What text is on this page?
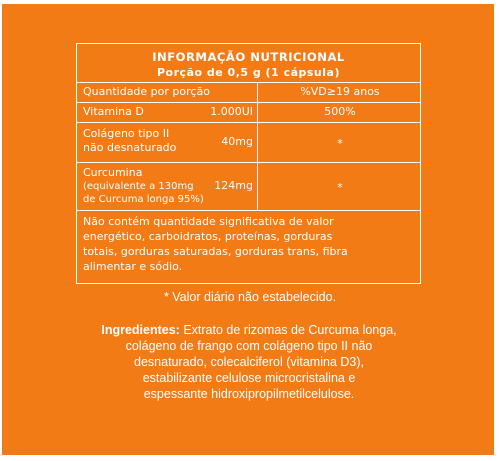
INFORMAÇÃO NUTRICIONAL
Porção de 0,5 g (1 cápsula)
Quantidade por porção	%VD≥19 anos
Vitamina D	1.000UI	500%
Colágeno tipo II
não desnaturado	40mg	*
Curcumina
(equivalente a 130mg
de Curcuma longa 95%)
124mg	*
Não contém quantidade significativa de valor
energético, carboidratos, proteínas, gorduras
totais, gorduras saturadas, gorduras trans, fibra
alimentar e sódio.
* Valor diário não estabelecido.
Ingredientes: Extrato de rizomas de Curcuma longa,
colágeno de frango com colágeno tipo II não
desnaturado, colecalciferol (vitamina D3),
estabilizante celulose microcristalina e
espessante hidroxipropilmetilcelulose.
